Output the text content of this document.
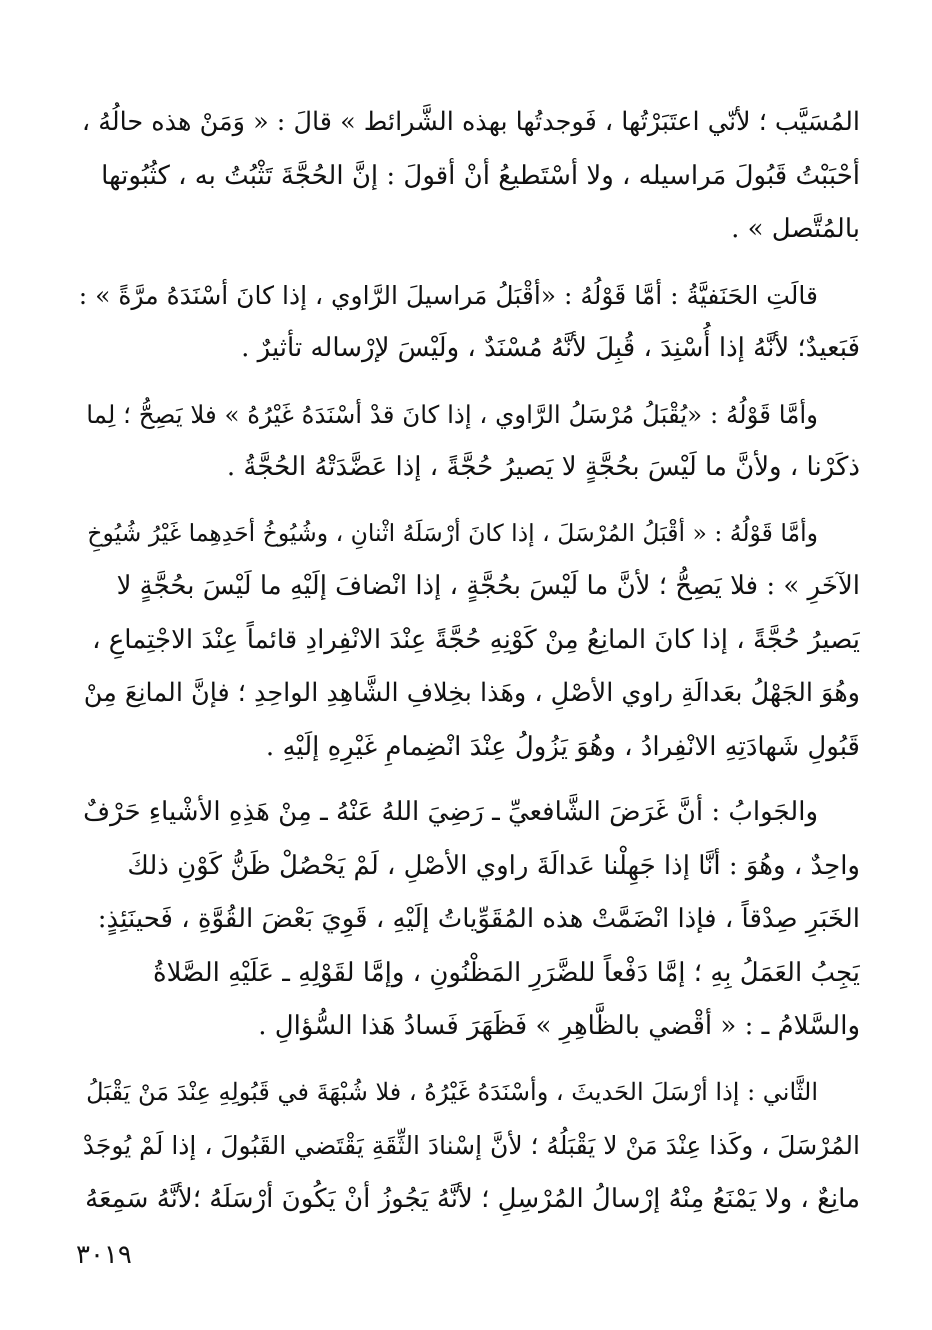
المُسَيَّب ؛ لأنّي اعتَبَرْتُها ، فَوجدتُها بهذه الشَّرائط » قالَ : « وَمَنْ هذه حالُهُ ،
أحْبَبْتُ قَبُولَ مَراسيله ، ولا أسْتَطيعُ أنْ أقولَ : إنَّ الحُجَّةَ تَثْبُتُ به ، كثُبُوتها
بالمُتَّصل » .
قالَتِ الحَنَفيَّةُ : أمَّا قَوْلُهُ : «أقْبَلُ مَراسيلَ الرَّاوي ، إذا كانَ أسْنَدَهُ مرَّةً » :
فَبَعيدٌ؛ لأنَّهُ إذا أُسْنِدَ ، قُبِلَ لأنَّهُ مُسْنَدٌ ، ولَيْسَ لإرْساله تأثيرٌ .
وأمَّا قَوْلُهُ : «يُقْبَلُ مُرْسَلُ الرَّاوي ، إذا كانَ قدْ أسْنَدَهُ غَيْرُهُ » فلا يَصِحُّ ؛ لِما
ذكَرْنا ، ولأنَّ ما لَيْسَ بحُجَّةٍ لا يَصيرُ حُجَّةً ، إذا عَضَّدَتْهُ الحُجَّةُ .
وأمَّا قَوْلُهُ : « أقْبَلُ المُرْسَلَ ، إذا كانَ أرْسَلَهُ اثْنانِ ، وشُيُوخُ أحَدِهِما غَيْرُ شُيُوخِ
الآخَرِ » : فلا يَصِحُّ ؛ لأنَّ ما لَيْسَ بحُجَّةٍ ، إذا انْضافَ إلَيْهِ ما لَيْسَ بحُجَّةٍ لا
يَصيرُ حُجَّةً ، إذا كانَ المانِعُ مِنْ كَوْنِهِ حُجَّةً عِنْدَ الانْفِرادِ قائماً عِنْدَ الاجْتِماعِ ،
وهُوَ الجَهْلُ بعَدالَةِ راوي الأصْلِ ، وهَذا بخِلافِ الشَّاهِدِ الواحِدِ ؛ فإنَّ المانِعَ مِنْ
قَبُولِ شَهادَتِهِ الانْفِرادُ ، وهُوَ يَزُولُ عِنْدَ انْضِمامِ غَيْرِهِ إلَيْهِ .
والجَوابُ : أنَّ غَرَضَ الشَّافعيِّ ـ رَضِيَ اللهُ عَنْهُ ـ مِنْ هَذِهِ الأشْياءِ حَرْفٌ
واحِدٌ ، وهُوَ : أنَّا إذا جَهِلْنا عَدالَةَ راوي الأصْلِ ، لَمْ يَحْصُلْ ظَنُّ كَوْنِ ذلكَ
الخَبَرِ صِدْقاً ، فإذا انْضَمَّتْ هذه المُقَوِّياتُ إلَيْهِ ، قَوِيَ بَعْضَ القُوَّةِ ، فَحينَئِذٍ:
يَجِبُ العَمَلُ بِهِ ؛ إمَّا دَفْعاً للضَّرَرِ المَظْنُونِ ، وإمَّا لقَوْلِهِ ـ عَلَيْهِ الصَّلاةُ
والسَّلامُ ـ : « أقْضي بالظَّاهِرِ » فَظَهَرَ فَسادُ هَذا السُّؤالِ .
الثَّاني : إذا أرْسَلَ الحَديثَ ، وأسْنَدَهُ غَيْرُهُ ، فلا شُبْهَةَ في قَبُولِهِ عِنْدَ مَنْ يَقْبَلُ
المُرْسَلَ ، وكَذا عِنْدَ مَنْ لا يَقْبَلُهُ ؛ لأنَّ إسْنادَ الثِّقَةِ يَقْتَضي القَبُولَ ، إذا لَمْ يُوجَدْ
مانِعٌ ، ولا يَمْنَعُ مِنْهُ إرْسالُ المُرْسِلِ ؛ لأنَّهُ يَجُوزُ أنْ يَكُونَ أرْسَلَهُ ؛لأنَّهُ سَمِعَهُ
٣٠١٩
